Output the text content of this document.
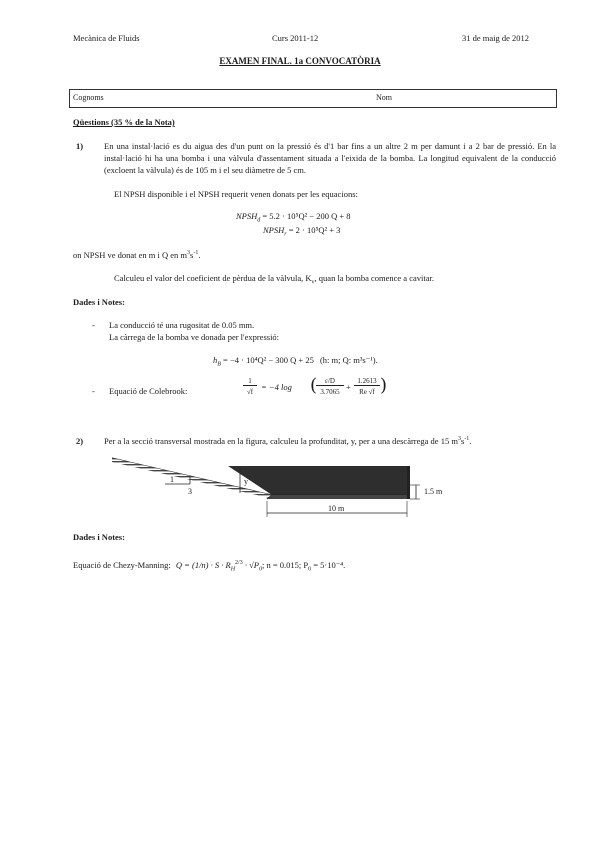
Mecànica de Fluids	Curs 2011-12	31 de maig de 2012
EXAMEN FINAL. 1a CONVOCATÒRIA
Cognoms	Nom
Qüestions (35 % de la Nota)
1) En una instal·lació es du aigua des d'un punt on la pressió és d'1 bar fins a un altre 2 m per damunt i a 2 bar de pressió. En la instal·lació hi ha una bomba i una vàlvula d'assentament situada a l'eixida de la bomba. La longitud equivalent de la conducció (excloent la vàlvula) és de 105 m i el seu diàmetre de 5 cm.
El NPSH disponible i el NPSH requerit venen donats per les equacions:
$NPSH_d = 5.2 \cdot 10^5Q^2 - 200$ Q + 8
$NPSH_r = 2 \cdot 10^5Q^2 + 3$
on NPSH ve donat en m i Q en $m^3s^{-1}$.
Calculeu el valor del coeficient de pèrdua de la vàlvula, $K_v$, quan la bomba comence a cavitar.
Dades i Notes:
- La conducció té una rugositat de 0.05 mm.
La càrrega de la bomba ve donada per l'expressió:
$h_B = -4 \cdot 10^4Q^2 - 300$ Q + 25 (h: m; Q: m³s⁻¹).
- Equació de Colebrook:
1
√f = −4 log (	ε/D
3.7065 +
1.2613
Re √f )
2) Per a la secció transversal mostrada en la figura, calculeu la profunditat, y, per a una descàrrega de 15 $m^3s^{-1}$.
1
3
y
1.5 m
10 m
Dades i Notes:
Equació de Chezy-Manning: $Q = (1/n) \cdot S \cdot R_H^{2/3} \cdot √P_0$; n = 0.015; $P_0 = 5\cdot 10^{-4}$.
